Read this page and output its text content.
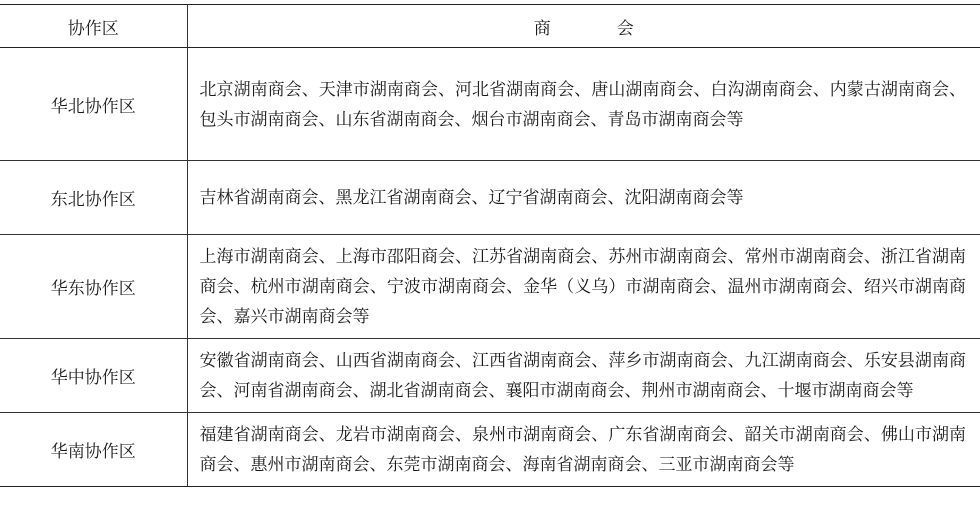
协作区	商 会
华北协作区	北京湖南商会、天津市湖南商会、河北省湖南商会、唐山湖南商会、白沟湖南商会、内蒙古湖南商会、包头市湖南商会、山东省湖南商会、烟台市湖南商会、青岛市湖南商会等
东北协作区	吉林省湖南商会、黑龙江省湖南商会、辽宁省湖南商会、沈阳湖南商会等
华东协作区	上海市湖南商会、上海市邵阳商会、江苏省湖南商会、苏州市湖南商会、常州市湖南商会、浙江省湖南商会、杭州市湖南商会、宁波市湖南商会、金华（义乌）市湖南商会、温州市湖南商会、绍兴市湖南商会、嘉兴市湖南商会等
华中协作区	安徽省湖南商会、山西省湖南商会、江西省湖南商会、萍乡市湖南商会、九江湖南商会、乐安县湖南商会、河南省湖南商会、湖北省湖南商会、襄阳市湖南商会、荆州市湖南商会、十堰市湖南商会等
华南协作区	福建省湖南商会、龙岩市湖南商会、泉州市湖南商会、广东省湖南商会、韶关市湖南商会、佛山市湖南商会、惠州市湖南商会、东莞市湖南商会、海南省湖南商会、三亚市湖南商会等
